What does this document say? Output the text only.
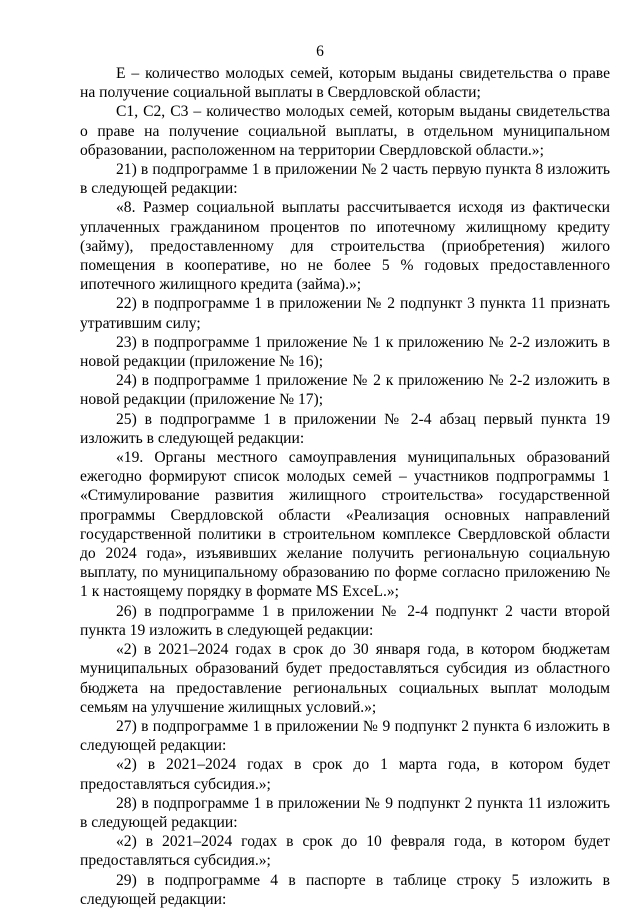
6

Е – количество молодых семей, которым выданы свидетельства о праве на получение социальной выплаты в Свердловской области;

С1, С2, С3 – количество молодых семей, которым выданы свидетельства о праве на получение социальной выплаты, в отдельном муниципальном образовании, расположенном на территории Свердловской области.»;

21) в подпрограмме 1 в приложении № 2 часть первую пункта 8 изложить в следующей редакции:

«8. Размер социальной выплаты рассчитывается исходя из фактически уплаченных гражданином процентов по ипотечному жилищному кредиту (займу), предоставленному для строительства (приобретения) жилого помещения в кооперативе, но не более 5 % годовых предоставленного ипотечного жилищного кредита (займа).»;

22) в подпрограмме 1 в приложении № 2 подпункт 3 пункта 11 признать утратившим силу;

23) в подпрограмме 1 приложение № 1 к приложению № 2-2 изложить в новой редакции (приложение № 16);

24) в подпрограмме 1 приложение № 2 к приложению № 2-2 изложить в новой редакции (приложение № 17);

25) в подпрограмме 1 в приложении № 2-4 абзац первый пункта 19 изложить в следующей редакции:

«19. Органы местного самоуправления муниципальных образований ежегодно формируют список молодых семей – участников подпрограммы 1 «Стимулирование развития жилищного строительства» государственной программы Свердловской области «Реализация основных направлений государственной политики в строительном комплексе Свердловской области до 2024 года», изъявивших желание получить региональную социальную выплату, по муниципальному образованию по форме согласно приложению № 1 к настоящему порядку в формате MS ExceL.»;

26) в подпрограмме 1 в приложении № 2-4 подпункт 2 части второй пункта 19 изложить в следующей редакции:

«2) в 2021–2024 годах в срок до 30 января года, в котором бюджетам муниципальных образований будет предоставляться субсидия из областного бюджета на предоставление региональных социальных выплат молодым семьям на улучшение жилищных условий.»;

27) в подпрограмме 1 в приложении № 9 подпункт 2 пункта 6 изложить в следующей редакции:

«2) в 2021–2024 годах в срок до 1 марта года, в котором будет предоставляться субсидия.»;

28) в подпрограмме 1 в приложении № 9 подпункт 2 пункта 11 изложить в следующей редакции:

«2) в 2021–2024 годах в срок до 10 февраля года, в котором будет предоставляться субсидия.»;

29) в подпрограмме 4 в паспорте в таблице строку 5 изложить в следующей редакции:
